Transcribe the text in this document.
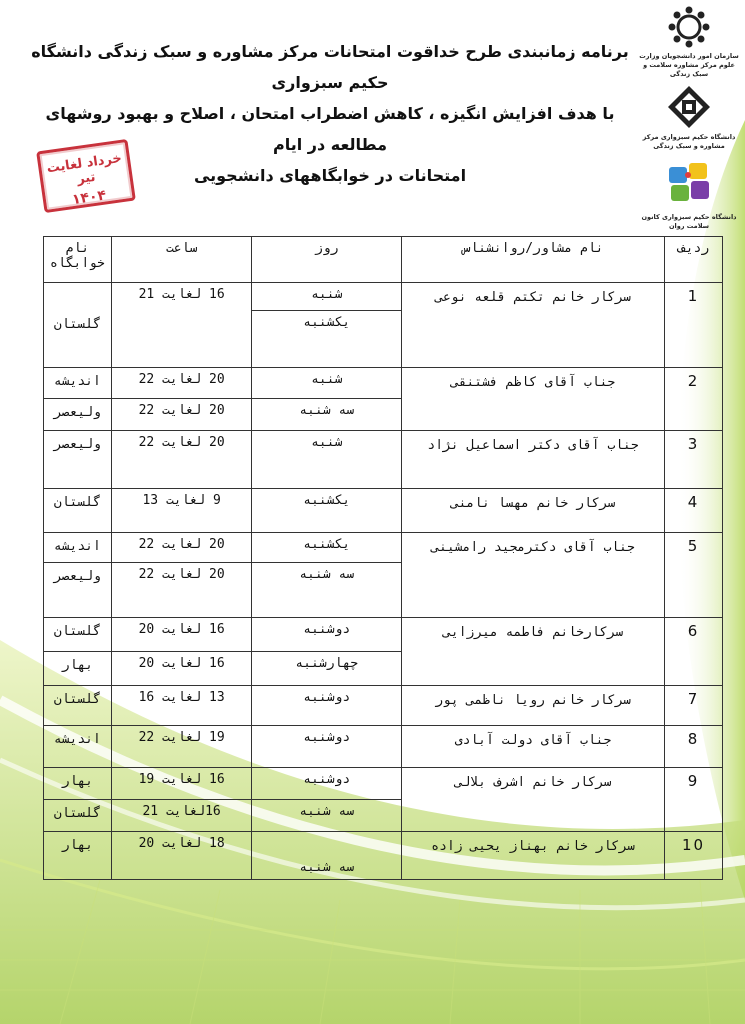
برنامه زمانبندی طرح خداقوت امتحانات مرکز مشاوره و سبک زندگی دانشگاه حکیم سبزواری
با هدف افزایش انگیزه ، کاهش اضطراب امتحان ، اصلاح و بهبود روشهای مطالعه در ایام
امتحانات در خوابگاههای دانشجویی
خرداد لغایت تیر
۱۴۰۴
سازمان امور دانشجویان وزارت علوم مرکز مشاوره سلامت و سبک زندگی
دانشگاه حکیم سبزواری مرکز مشاوره و سبک زندگی
دانشگاه حکیم سبزواری کانون سلامت روان
ردیف	نام مشاور/روانشناس	روز	ساعت	نام خوابگاه
1	سرکار خانم تکتم قلعه نوعی	شنبه	16 لغایت 21	گلستان
		یکشنبه		
2	جناب آقای کاظم فشتنقی	شنبه	20 لغایت 22	اندیشه
		سه شنبه	20 لغایت 22	ولیعصر
3	جناب آقای دکتر اسماعیل نژاد	شنبه	20 لغایت 22	ولیعصر
4	سرکار خانم مهسا نامنی	یکشنبه	9 لغایت 13	گلستان
5	جناب آقای دکترمجید رامشینی	یکشنبه	20 لغایت 22	اندیشه
		سه شنبه	20 لغایت 22	ولیعصر
6	سرکارخانم فاطمه میرزایی	دوشنبه	16 لغایت 20	گلستان
		چهارشنبه	16 لغایت 20	بهار
7	سرکار خانم رویا ناظمی پور	دوشنبه	13 لغایت 16	گلستان
8	جناب آقای دولت آبادی	دوشنبه	19 لغایت 22	اندیشه
9	سرکار خانم اشرف بلالی	دوشنبه	16 لغایت 19	بهار
		سه شنبه	16لغایت 21	گلستان
10	سرکار خانم بهناز یحیی زاده	سه شنبه	18 لغایت 20	بهار
